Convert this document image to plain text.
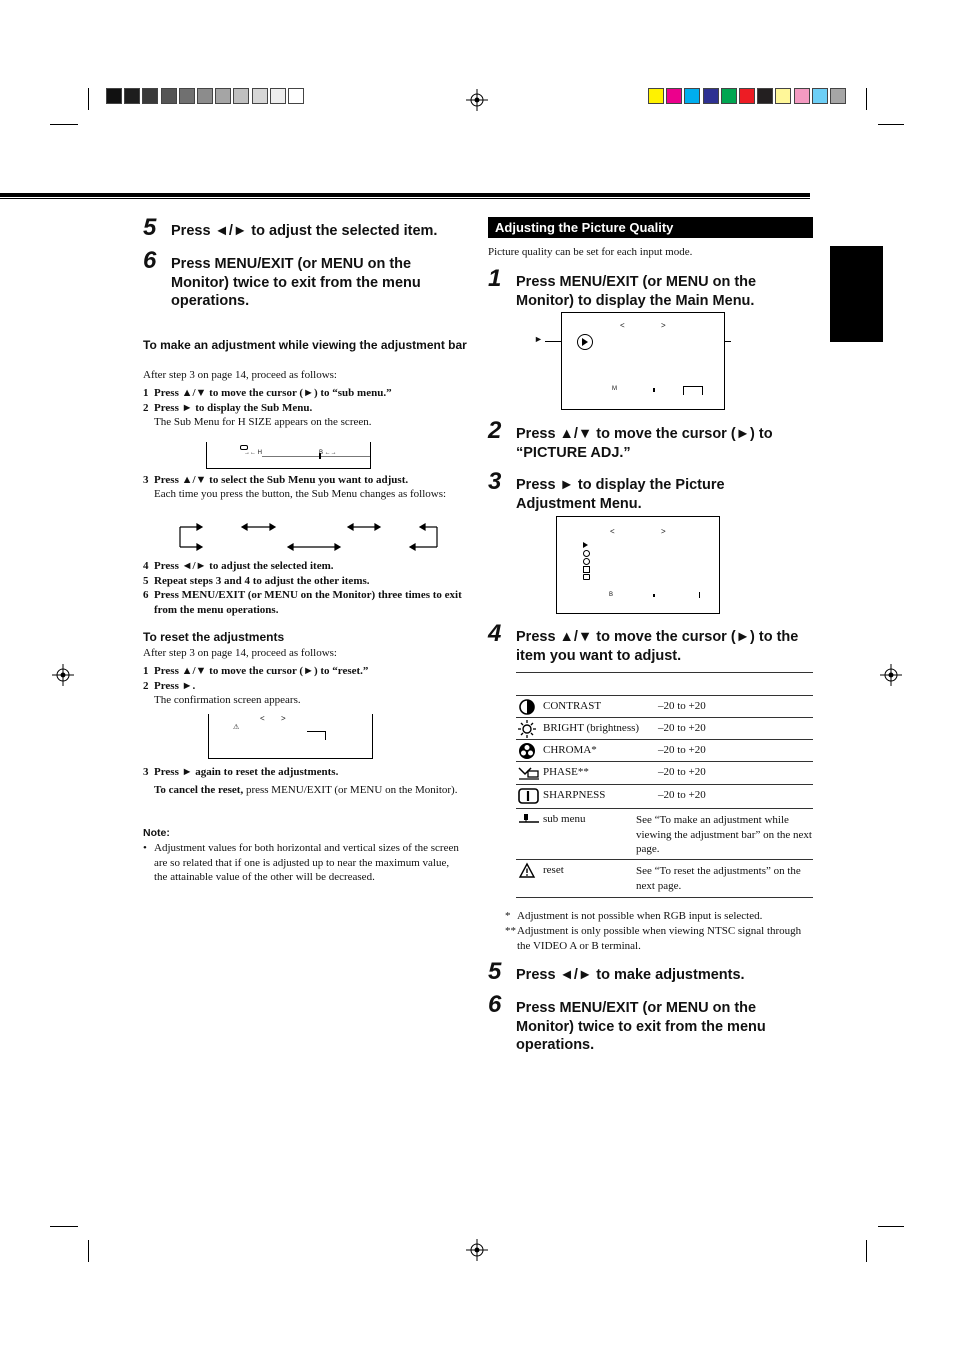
5 Press ◄/► to adjust the selected item.
6 Press MENU/EXIT (or MENU on the Monitor) twice to exit from the menu operations.
To make an adjustment while viewing the adjustment bar
After step 3 on page 14, proceed as follows:
1 Press ▲/▼ to move the cursor (►) to “sub menu.”
2 Press ► to display the Sub Menu.
The Sub Menu for H SIZE appears on the screen.
→← H	B ←→
3 Press ▲/▼ to select the Sub Menu you want to adjust.
Each time you press the button, the Sub Menu changes as follows:
4 Press ◄/► to adjust the selected item.
5 Repeat steps 3 and 4 to adjust the other items.
6 Press MENU/EXIT (or MENU on the Monitor) three times to exit from the menu operations.
To reset the adjustments
After step 3 on page 14, proceed as follows:
1 Press ▲/▼ to move the cursor (►) to “reset.”
2 Press ►.
The confirmation screen appears.
⚠
< >
3 Press ► again to reset the adjustments.
To cancel the reset, press MENU/EXIT (or MENU on the Monitor).
Note:
• Adjustment values for both horizontal and vertical sizes of the screen are so related that if one is adjusted up to near the maximum value, the attainable value of the other will be decreased.
Adjusting the Picture Quality
Picture quality can be set for each input mode.
1 Press MENU/EXIT (or MENU on the Monitor) to display the Main Menu.
►
<	>
M
2 Press ▲/▼ to move the cursor (►) to “PICTURE ADJ.”
3 Press ► to display the Picture Adjustment Menu.
<	>
B
4 Press ▲/▼ to move the cursor (►) to the item you want to adjust.
CONTRAST	–20 to +20
BRIGHT (brightness) –20 to +20
CHROMA*	–20 to +20
PHASE**	–20 to +20
SHARPNESS	–20 to +20
sub menu	See “To make an adjustment while viewing the adjustment bar” on the next page.
reset	See “To reset the adjustments” on the next page.
* Adjustment is not possible when RGB input is selected.
** Adjustment is only possible when viewing NTSC signal through the VIDEO A or B terminal.
5 Press ◄/► to make adjustments.
6 Press MENU/EXIT (or MENU on the Monitor) twice to exit from the menu operations.
